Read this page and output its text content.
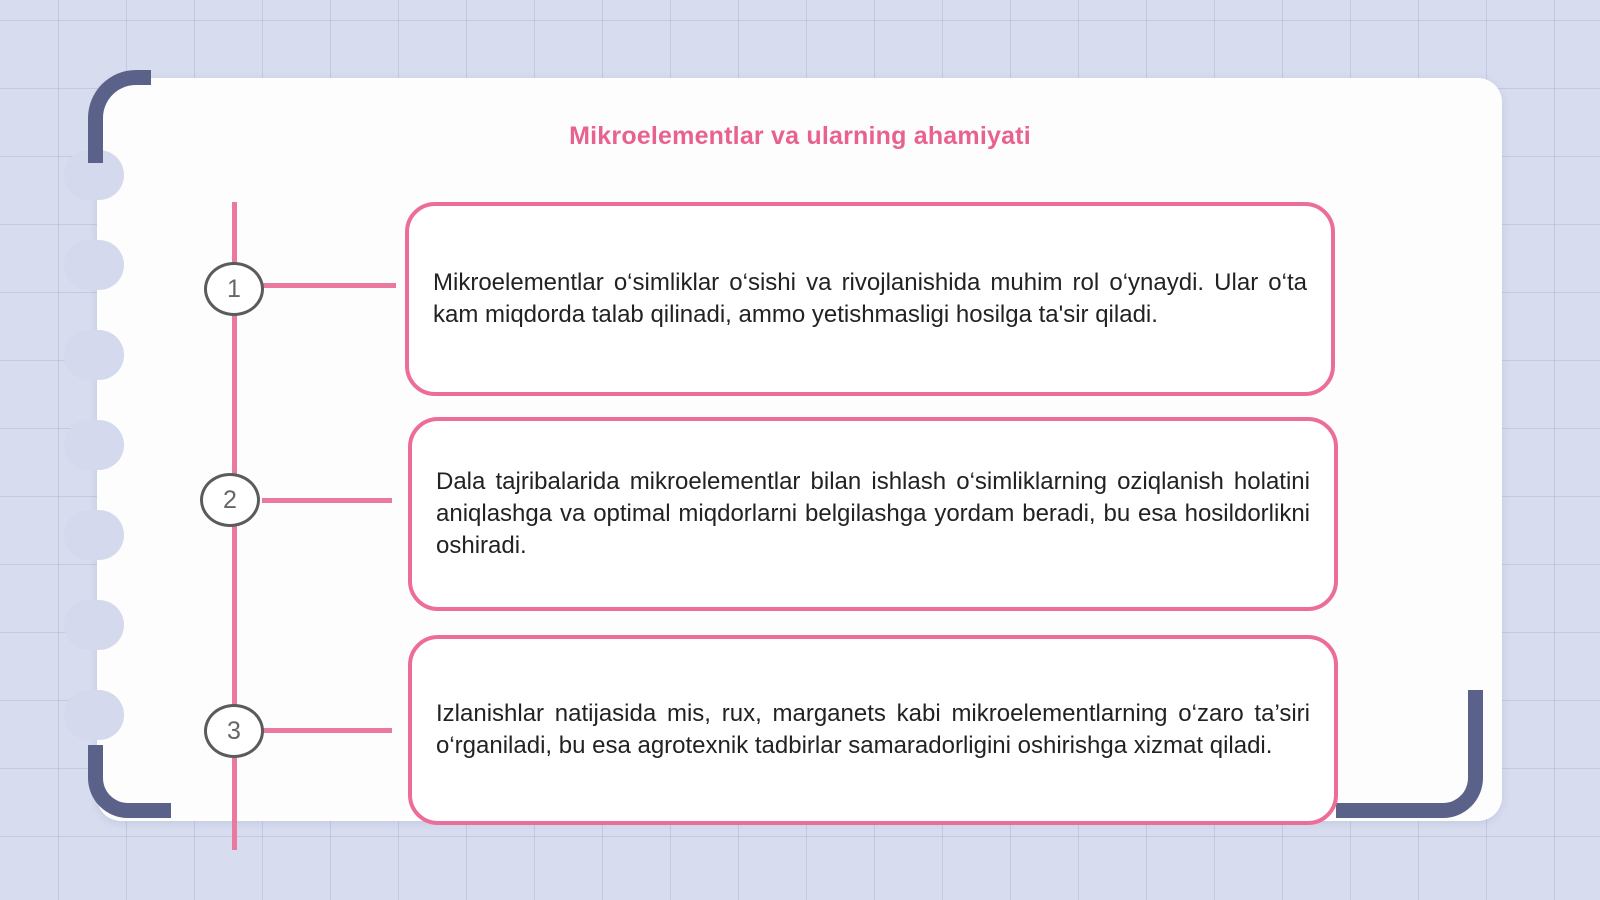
Mikroelementlar va ularning ahamiyati
1
2
3

Mikroelementlar o‘simliklar o‘sishi va rivojlanishida muhim rol o‘ynaydi. Ular o‘ta kam miqdorda talab qilinadi, ammo yetishmasligi hosilga ta'sir qiladi.

Dala tajribalarida mikroelementlar bilan ishlash o‘simliklarning oziqlanish holatini aniqlashga va optimal miqdorlarni belgilashga yordam beradi, bu esa hosildorlikni oshiradi.

Izlanishlar natijasida mis, rux, marganets kabi mikroelementlarning o‘zaro ta’siri o‘rganiladi, bu esa agrotexnik tadbirlar samaradorligini oshirishga xizmat qiladi.
